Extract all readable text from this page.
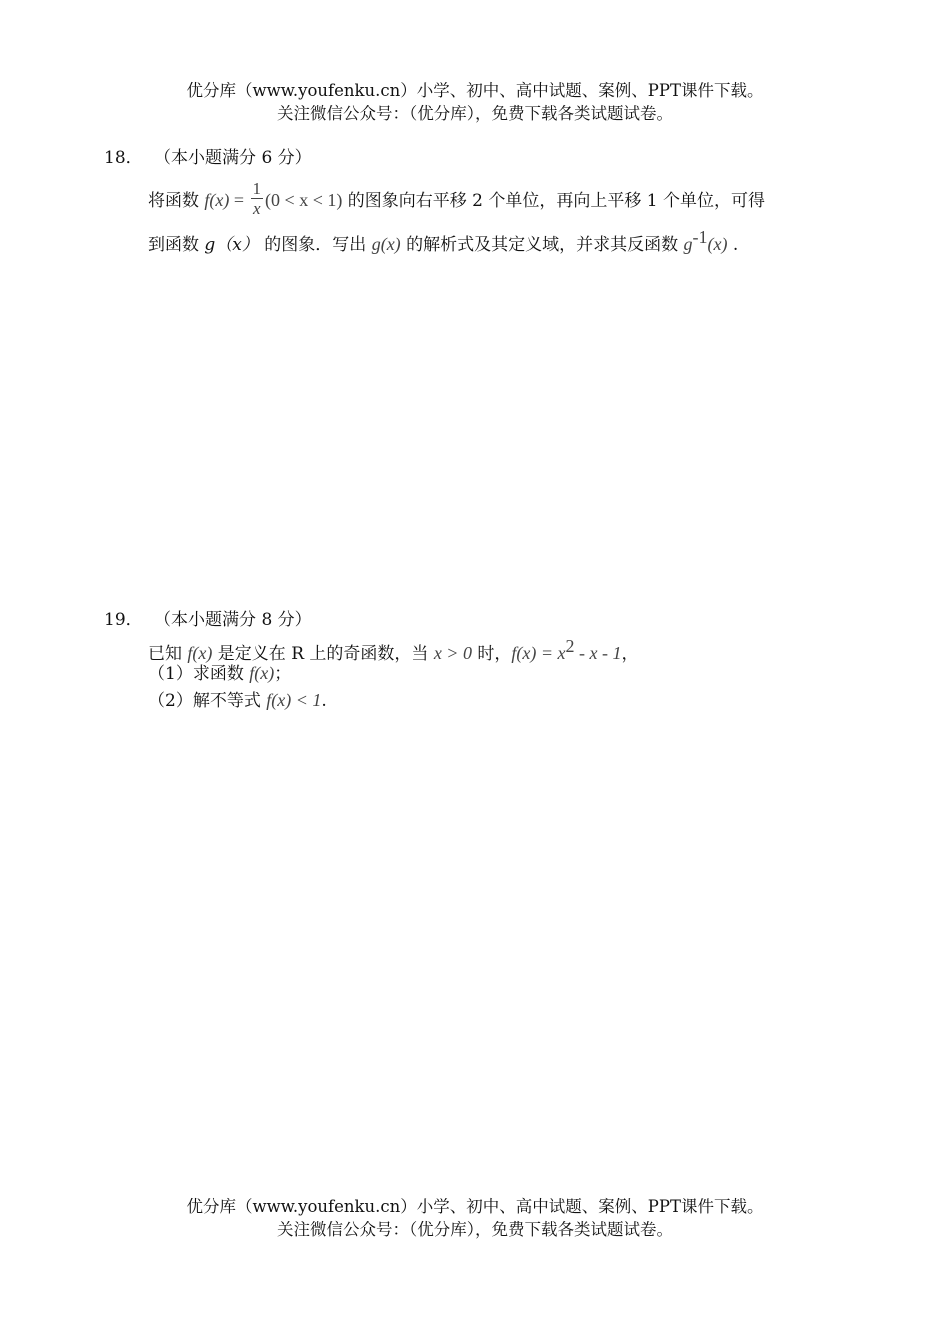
优分库（www.youfenku.cn）小学、初中、高中试题、案例、PPT课件下载。
关注微信公众号：（优分库），免费下载各类试题试卷。
18． （本小题满分 6 分）
将函数 $f(x) = \frac{1}{x} (0 < x < 1)$ 的图象向右平移 2 个单位，再向上平移 1 个单位，可得
到函数 g（x） 的图象．写出 g(x) 的解析式及其定义域，并求其反函数 $g^{-1}(x)$ .
19． （本小题满分 8 分）
已知 f(x) 是定义在 R 上的奇函数，当 x > 0 时，$f(x) = x^2 - x - 1$，
（1）求函数 f(x)；
（2）解不等式 f(x) < 1.
优分库（www.youfenku.cn）小学、初中、高中试题、案例、PPT课件下载。
关注微信公众号：（优分库），免费下载各类试题试卷。
